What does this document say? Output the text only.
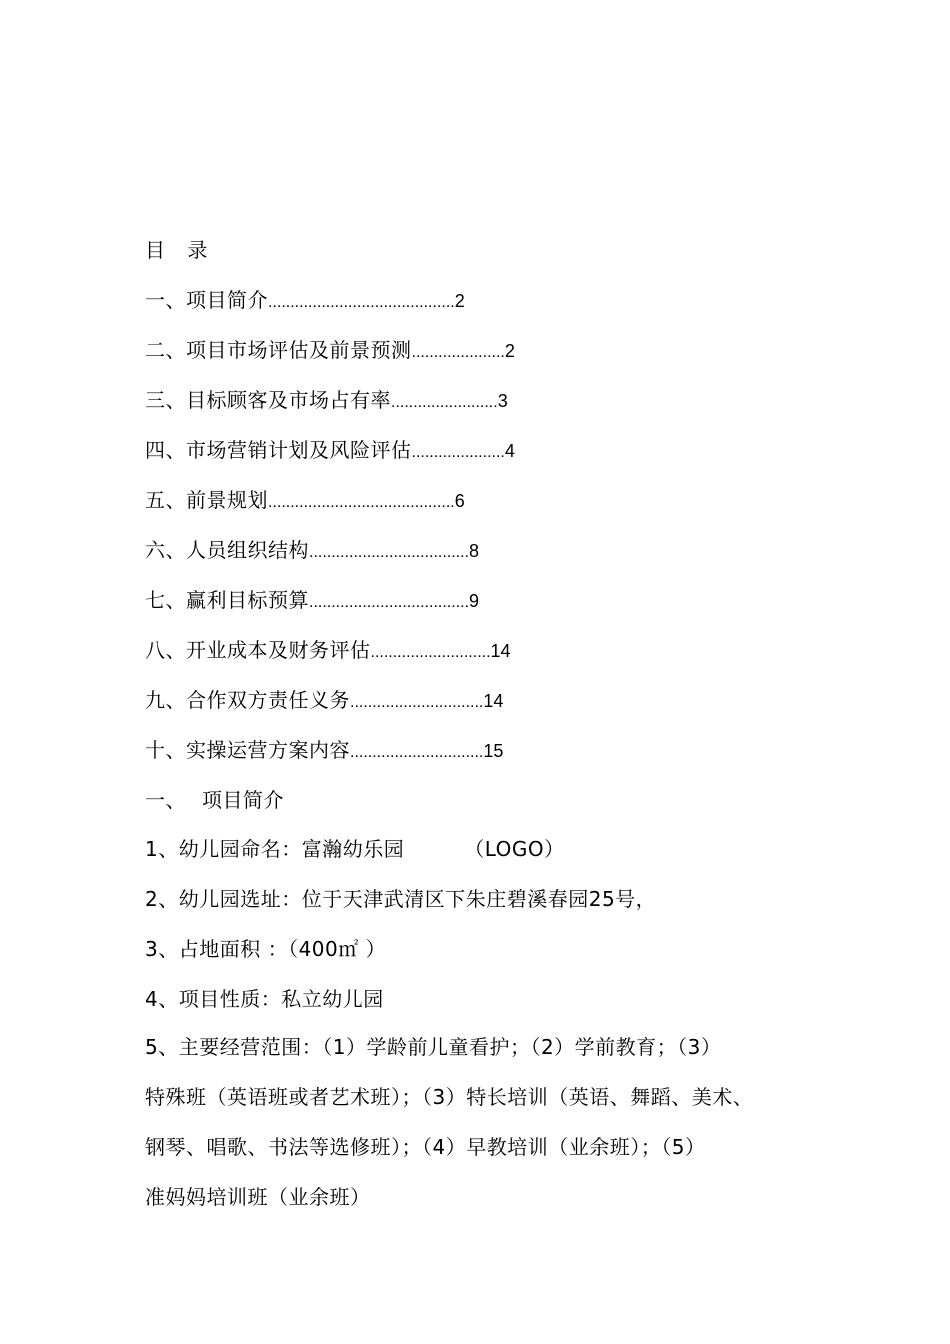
目 录
一、项目简介 .......................................... 2
二、项目市场评估及前景预测 ..................... 2
三、目标顾客及市场占有率 ........................ 3
四、市场营销计划及风险评估 ..................... 4
五、前景规划 .......................................... 6
六、人员组织结构 .................................... 8
七、赢利目标预算 .................................... 9
八、开业成本及财务评估 ........................... 14
九、合作双方责任义务 .............................. 14
十、实操运营方案内容 .............................. 15
一、 项目简介
1、幼儿园命名：富瀚幼乐园	（LOGO）
2、幼儿园选址：位于天津武清区下朱庄碧溪春园25号，
3、占地面积 ：（400㎡ ）
4、项目性质：私立幼儿园
5、主要经营范围：（1）学龄前儿童看护；（2）学前教育；（3）
特殊班（英语班或者艺术班）；（3）特长培训（英语、舞蹈、美术、
钢琴、唱歌、书法等选修班）；（4）早教培训（业余班）；（5）
准妈妈培训班（业余班）
